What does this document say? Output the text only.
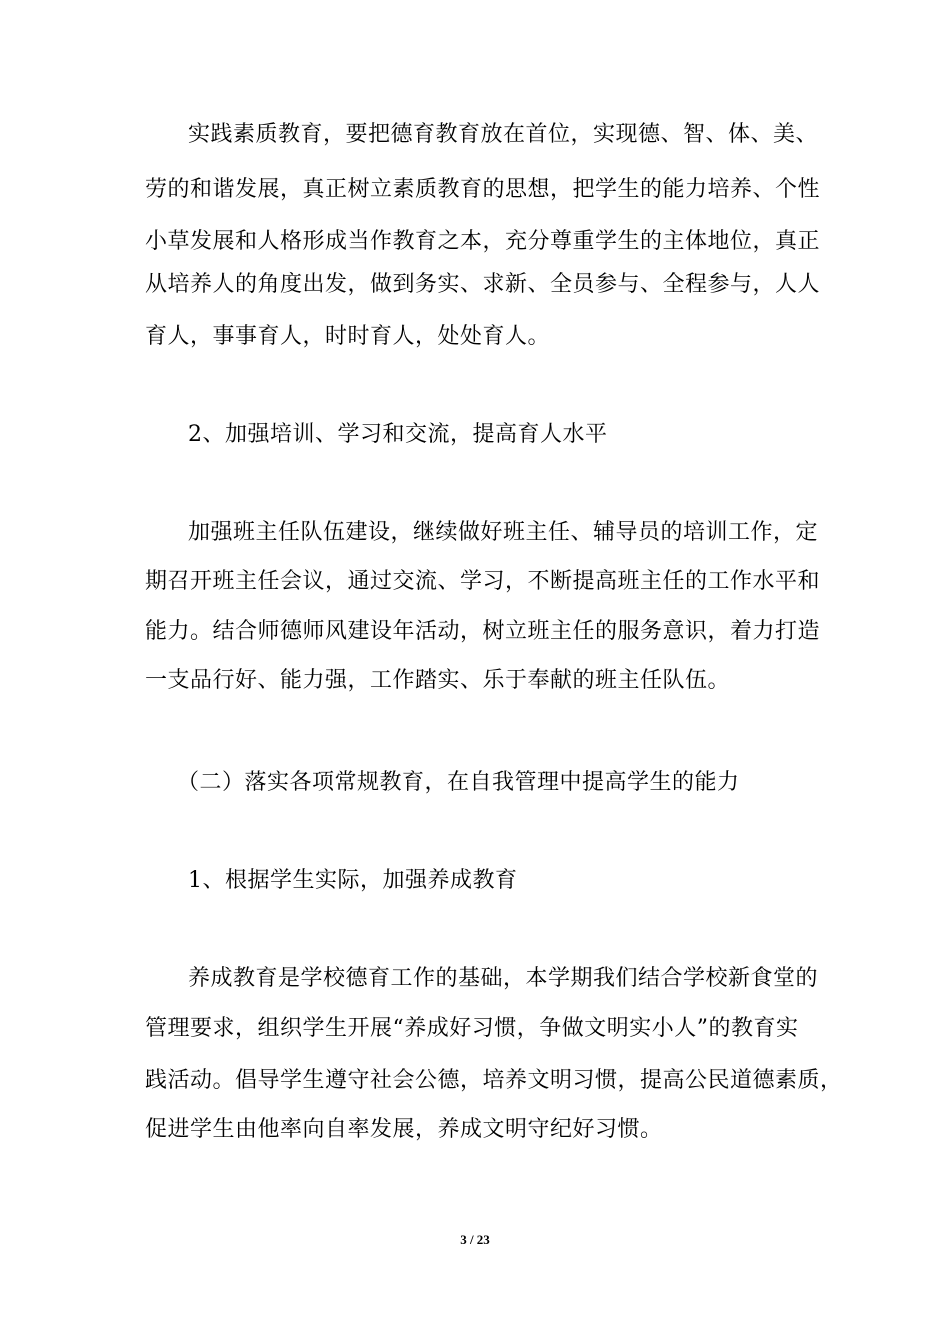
实践素质教育，要把德育教育放在首位，实现德、智、体、美、
劳的和谐发展，真正树立素质教育的思想，把学生的能力培养、个性
小草发展和人格形成当作教育之本，充分尊重学生的主体地位，真正
从培养人的角度出发，做到务实、求新、全员参与、全程参与，人人
育人，事事育人，时时育人，处处育人。
2、加强培训、学习和交流，提高育人水平
加强班主任队伍建设，继续做好班主任、辅导员的培训工作，定
期召开班主任会议，通过交流、学习，不断提高班主任的工作水平和
能力。结合师德师风建设年活动，树立班主任的服务意识，着力打造
一支品行好、能力强，工作踏实、乐于奉献的班主任队伍。
（二）落实各项常规教育，在自我管理中提高学生的能力
1、根据学生实际，加强养成教育
养成教育是学校德育工作的基础，本学期我们结合学校新食堂的
管理要求，组织学生开展“养成好习惯，争做文明实小人”的教育实
践活动。倡导学生遵守社会公德，培养文明习惯，提高公民道德素质，
促进学生由他率向自率发展，养成文明守纪好习惯。
3 / 23
